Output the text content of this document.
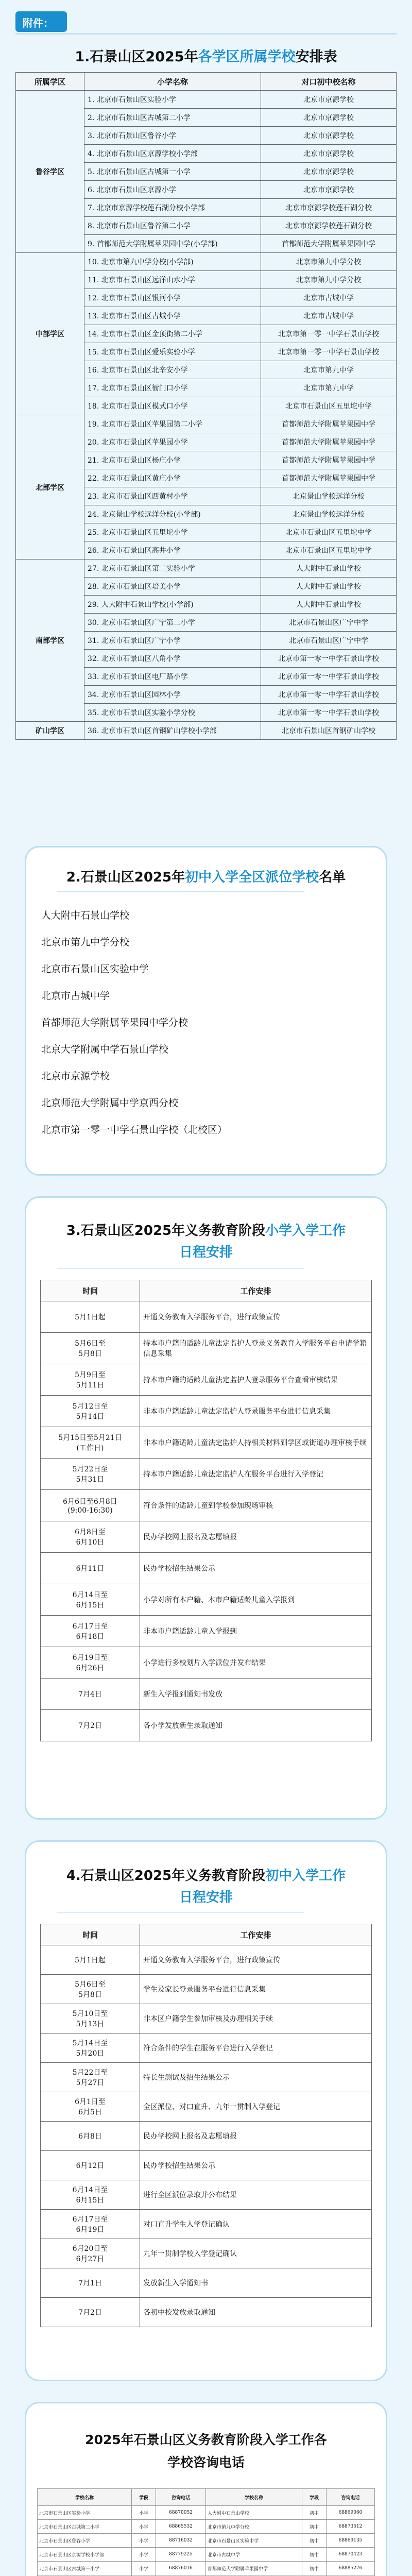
附件：
1.石景山区2025年各学区所属学校安排表
所属学区	小学名称	对口初中校名称
鲁谷学区	1. 北京市石景山区实验小学	北京市京源学校
	2. 北京市石景山区古城第二小学	北京市京源学校
	3. 北京市石景山区鲁谷小学	北京市京源学校
	4. 北京市石景山区京源学校小学部	北京市京源学校
	5. 北京市石景山区古城第一小学	北京市京源学校
	6. 北京市石景山区京源小学	北京市京源学校
	7. 北京市京源学校莲石湖分校小学部	北京市京源学校莲石湖分校
	8. 北京市石景山区鲁谷第二小学	北京市京源学校莲石湖分校
	9. 首都师范大学附属苹果园中学(小学部)	首都师范大学附属苹果园中学
中部学区	10. 北京市第九中学分校(小学部)	北京市第九中学分校
	11. 北京市石景山区远洋山水小学	北京市第九中学分校
	12. 北京市石景山区银河小学	北京市古城中学
	13. 北京市石景山区古城小学	北京市古城中学
	14. 北京市石景山区金顶街第二小学	北京市第一零一中学石景山学校
	15. 北京市石景山区爱乐实验小学	北京市第一零一中学石景山学校
	16. 北京市石景山区北辛安小学	北京市第九中学
	17. 北京市石景山区衙门口小学	北京市第九中学
	18. 北京市石景山区模式口小学	北京市石景山区五里坨中学
北部学区	19. 北京市石景山区苹果园第二小学	首都师范大学附属苹果园中学
	20. 北京市石景山区苹果园小学	首都师范大学附属苹果园中学
	21. 北京市石景山区杨庄小学	首都师范大学附属苹果园中学
	22. 北京市石景山区黄庄小学	首都师范大学附属苹果园中学
	23. 北京市石景山区西黄村小学	北京景山学校远洋分校
	24. 北京景山学校远洋分校(小学部)	北京景山学校远洋分校
	25. 北京市石景山区五里坨小学	北京市石景山区五里坨中学
	26. 北京市石景山区高井小学	北京市石景山区五里坨中学
南部学区	27. 北京市石景山区第二实验小学	人大附中石景山学校
	28. 北京市石景山区培美小学	人大附中石景山学校
	29. 人大附中石景山学校(小学部)	人大附中石景山学校
	30. 北京市石景山区广宁第二小学	北京市石景山区广宁中学
	31. 北京市石景山区广宁小学	北京市石景山区广宁中学
	32. 北京市石景山区八角小学	北京市第一零一中学石景山学校
	33. 北京市石景山区电厂路小学	北京市第一零一中学石景山学校
	34. 北京市石景山区园林小学	北京市第一零一中学石景山学校
	35. 北京市石景山区实验小学分校	北京市第一零一中学石景山学校
矿山学区	36. 北京市石景山区首钢矿山学校小学部	北京市石景山区首钢矿山学校
2.石景山区2025年初中入学全区派位学校名单
人大附中石景山学校
北京市第九中学分校
北京市石景山区实验中学
北京市古城中学
首都师范大学附属苹果园中学分校
北京大学附属中学石景山学校
北京市京源学校
北京师范大学附属中学京西分校
北京市第一零一中学石景山学校（北校区）
3.石景山区2025年义务教育阶段小学入学工作
日程安排
时间	工作安排
5月1日起	开通义务教育入学服务平台，进行政策宣传
5月6日至
5月8日	持本市户籍的适龄儿童法定监护人登录义务教育入学服务平台申请学籍信息采集
5月9日至
5月11日	持本市户籍的适龄儿童法定监护人登录服务平台查看审核结果
5月12日至
5月14日	非本市户籍适龄儿童法定监护人登录服务平台进行信息采集
5月15日至5月21日
(工作日)	非本市户籍适龄儿童法定监护人持相关材料到学区或街道办理审核手续
5月22日至
5月31日	持本市户籍适龄儿童法定监护人在服务平台进行入学登记
6月6日至6月8日
(9:00-16:30)	符合条件的适龄儿童到学校参加现场审核
6月8日至
6月10日	民办学校网上报名及志愿填报
6月11日	民办学校招生结果公示
6月14日至
6月15日	小学对所有本户籍、本市户籍适龄儿童入学报到
6月17日至
6月18日	非本市户籍适龄儿童入学报到
6月19日至
6月26日	小学进行多校划片入学派位并发布结果
7月4日	新生入学报到通知书发放
7月2日	各小学发放新生录取通知
4.石景山区2025年义务教育阶段初中入学工作
日程安排
时间	工作安排
5月1日起	开通义务教育入学服务平台，进行政策宣传
5月6日至
5月8日	学生及家长登录服务平台进行信息采集
5月10日至
5月13日	非本区户籍学生参加审核及办理相关手续
5月14日至
5月20日	符合条件的学生在服务平台进行入学登记
5月22日至
5月27日	特长生测试及招生结果公示
6月1日至
6月5日	全区派位、对口直升、九年一贯制入学登记
6月8日	民办学校网上报名及志愿填报
6月12日	民办学校招生结果公示
6月14日至
6月15日	进行全区派位录取并公布结果
6月17日至
6月19日	对口直升学生入学登记确认
6月20日至
6月27日	九年一贯制学校入学登记确认
7月1日	发放新生入学通知书
7月2日	各初中校发放录取通知
2025年石景山区义务教育阶段入学工作各
学校咨询电话
学校名称	学段	咨询电话	学校名称	学段	咨询电话
北京市石景山区实验小学	小学	68870052	人大附中石景山学校	初中	68869060
北京市石景山区古城第二小学	小学	68865532	北京市第九中学分校	初中	68873512
北京市石景山区鲁谷小学	小学	88716032	北京市石景山区实验中学	初中	68869135
北京市石景山区京源学校小学部	小学	88779225	北京市古城中学	初中	68870423
北京市石景山区古城第一小学	小学	68876016	首都师范大学附属苹果园中学	初中	68885276
